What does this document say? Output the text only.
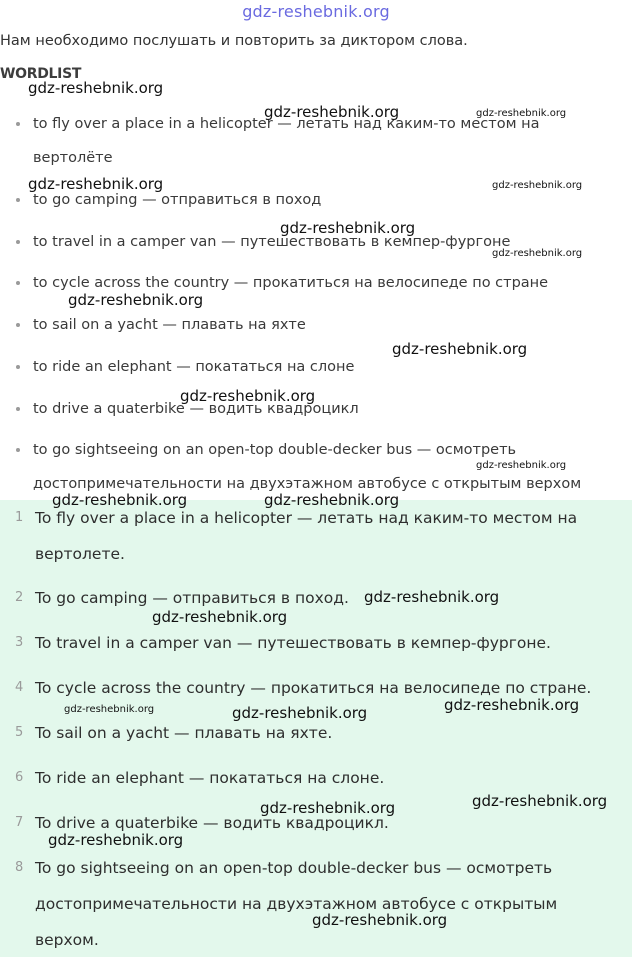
gdz-reshebnik.org
Нам необходимо послушать и повторить за диктором слова.
WORDLIST
to fly over a place in a helicopter — летать над каким-то местом на вертолёте
to go camping — отправиться в поход
to travel in a camper van — путешествовать в кемпер-фургоне
to cycle across the country — прокатиться на велосипеде по стране
to sail on a yacht — плавать на яхте
to ride an elephant — покататься на слоне
to drive a quaterbike — водить квадроцикл
to go sightseeing on an open-top double-decker bus — осмотреть достопримечательности на двухэтажном автобусе с открытым верхом
1 To fly over a place in a helicopter — летать над каким-то местом на вертолете.
2 To go camping — отправиться в поход.
3 To travel in a camper van — путешествовать в кемпер-фургоне.
4 To cycle across the country — прокатиться на велосипеде по стране.
5 To sail on a yacht — плавать на яхте.
6 To ride an elephant — покататься на слоне.
7 To drive a quaterbike — водить квадроцикл.
8 To go sightseeing on an open-top double-decker bus — осмотреть достопримечательности на двухэтажном автобусе с открытым верхом.
gdz-reshebnik.org
gdz-reshebnik.org	gdz-reshebnik.org
gdz-reshebnik.org	gdz-reshebnik.org
gdz-reshebnik.org
gdz-reshebnik.org
gdz-reshebnik.org
gdz-reshebnik.org
gdz-reshebnik.org
gdz-reshebnik.org
gdz-reshebnik.org	gdz-reshebnik.org
gdz-reshebnik.org
gdz-reshebnik.org
gdz-reshebnik.org
gdz-reshebnik.org	gdz-reshebnik.org
gdz-reshebnik.org
gdz-reshebnik.org
gdz-reshebnik.org
gdz-reshebnik.org
